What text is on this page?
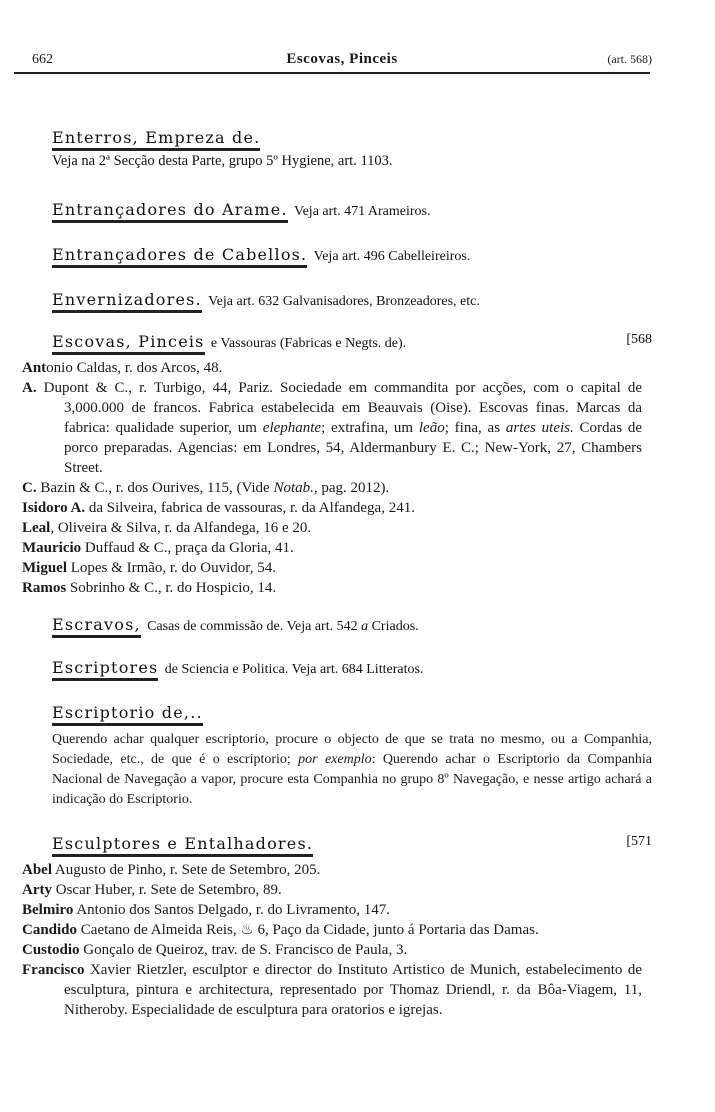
662	Escovas, Pinceis	(art. 568)
Enterros, Empreza de.
Veja na 2ª Secção desta Parte, grupo 5º Hygiene, art. 1103.
Entrançadores do Arame. Veja art. 471 Arameiros.
Entrançadores de Cabellos. Veja art. 496 Cabelleireiros.
Envernizadores. Veja art. 632 Galvanisadores, Bronzeadores, etc.
Escovas, Pinceis e Vassouras (Fabricas e Negts. de).	[568
Antonio Caldas, r. dos Arcos, 48.
A. Dupont & C., r. Turbigo, 44, Pariz. Sociedade em commandita por acções, com o capital de 3,000.000 de francos. Fabrica estabelecida em Beauvais (Oise). Escovas finas. Marcas da fabrica: qualidade superior, um elephante; extrafina, um leão; fina, as artes uteis. Cordas de porco preparadas. Agencias: em Londres, 54, Aldermanbury E. C.; New-York, 27, Chambers Street.
C. Bazin & C., r. dos Ourives, 115, (Vide Notab., pag. 2012).
Isidoro A. da Silveira, fabrica de vassouras, r. da Alfandega, 241.
Leal, Oliveira & Silva, r. da Alfandega, 16 e 20.
Mauricio Duffaud & C., praça da Gloria, 41.
Miguel Lopes & Irmão, r. do Ouvidor, 54.
Ramos Sobrinho & C., r. do Hospicio, 14.
Escravos, Casas de commissão de. Veja art. 542 a Criados.
Escriptores de Sciencia e Politica. Veja art. 684 Litteratos.
Escriptorio de,..
Querendo achar qualquer escriptorio, procure o objecto de que se trata no mesmo, ou a Companhia, Sociedade, etc., de que é o escriptorio; por exemplo: Querendo achar o Escriptorio da Companhia Nacional de Navegação a vapor, procure esta Companhia no grupo 8º Navegação, e nesse artigo achará a indicação do Escriptorio.
Esculptores e Entalhadores.	[571
Abel Augusto de Pinho, r. Sete de Setembro, 205.
Arty Oscar Huber, r. Sete de Setembro, 89.
Belmiro Antonio dos Santos Delgado, r. do Livramento, 147.
Candido Caetano de Almeida Reis, ♨ 6, Paço da Cidade, junto á Portaria das Damas.
Custodio Gonçalo de Queiroz, trav. de S. Francisco de Paula, 3.
Francisco Xavier Rietzler, esculptor e director do Instituto Artistico de Munich, estabelecimento de esculptura, pintura e architectura, representado por Thomaz Driendl, r. da Bôa-Viagem, 11, Nitheroby. Especialidade de esculptura para oratorios e igrejas.
